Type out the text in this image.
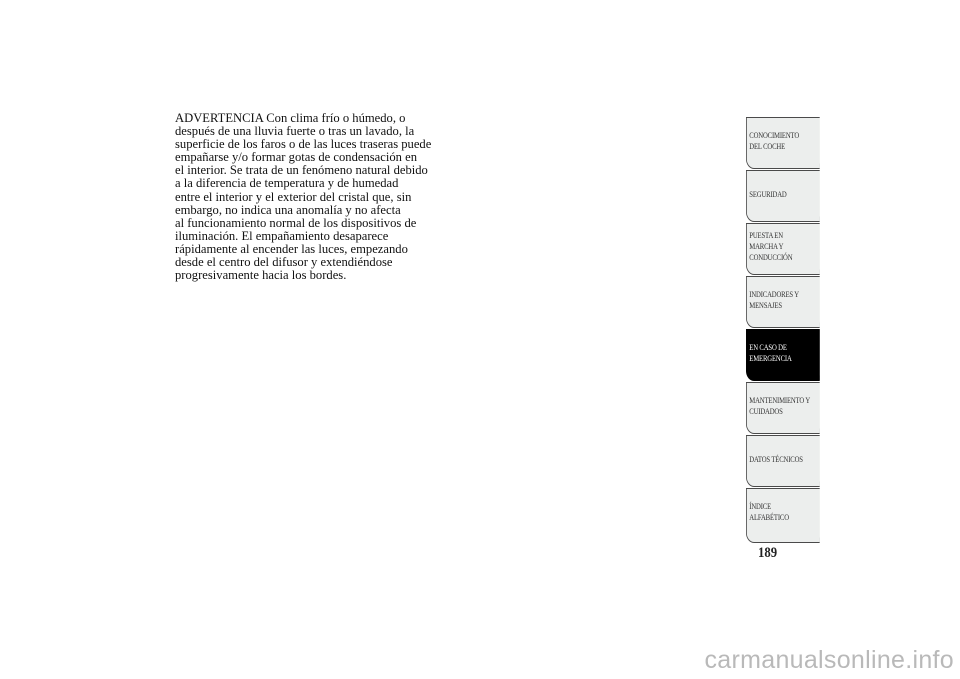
ADVERTENCIA Con clima frío o húmedo, o
después de una lluvia fuerte o tras un lavado, la
superficie de los faros o de las luces traseras puede
empañarse y/o formar gotas de condensación en
el interior. Se trata de un fenómeno natural debido
a la diferencia de temperatura y de humedad
entre el interior y el exterior del cristal que, sin
embargo, no indica una anomalía y no afecta
al funcionamiento normal de los dispositivos de
iluminación. El empañamiento desaparece
rápidamente al encender las luces, empezando
desde el centro del difusor y extendiéndose
progresivamente hacia los bordes.
CONOCIMIENTO
DEL COCHE
SEGURIDAD
PUESTA EN
MARCHA Y
CONDUCCIÓN
INDICADORES Y
MENSAJES
EN CASO DE
EMERGENCIA
MANTENIMIENTO Y
CUIDADOS
DATOS TÉCNICOS
ÍNDICE
ALFABÉTICO
189
carmanualsonline.info
